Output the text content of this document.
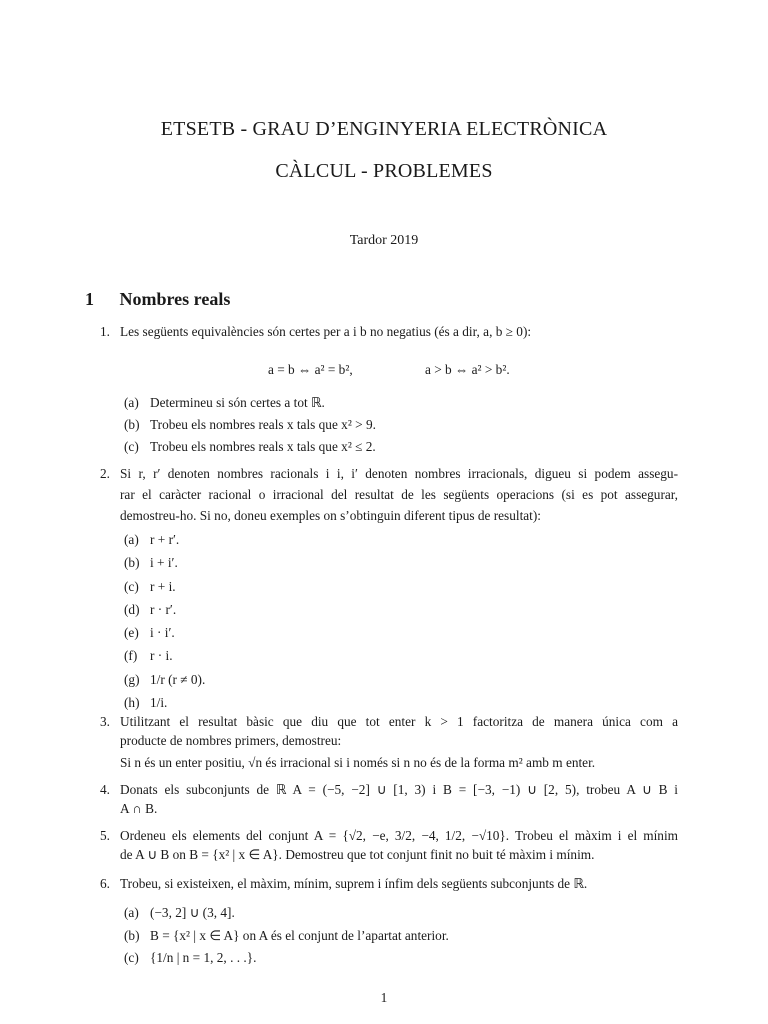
ETSETB - GRAU D’ENGINYERIA ELECTRÒNICA
CÀLCUL - PROBLEMES
Tardor 2019
1 Nombres reals
1. Les següents equivalències són certes per a i b no negatius (és a dir, a, b ≥ 0):
a = b ⇔ a² = b²,	a > b ⇔ a² > b².
(a) Determineu si són certes a tot ℝ.
(b) Trobeu els nombres reals x tals que x² > 9.
(c) Trobeu els nombres reals x tals que x² ≤ 2.
2. Si r, r′ denoten nombres racionals i i, i′ denoten nombres irracionals, digueu si podem assegu-
rar el caràcter racional o irracional del resultat de les següents operacions (si es pot assegurar,
demostreu-ho. Si no, doneu exemples on s’obtinguin diferent tipus de resultat):
(a) r + r′.
(b) i + i′.
(c) r + i.
(d) r · r′.
(e) i · i′.
(f) r · i.
(g) 1/r (r ≠ 0).
(h) 1/i.
3. Utilitzant el resultat bàsic que diu que tot enter k > 1 factoritza de manera única com a
producte de nombres primers, demostreu:
Si n és un enter positiu, √n és irracional si i només si n no és de la forma m² amb m enter.
4. Donats els subconjunts de ℝ A = (−5, −2] ∪ [1, 3) i B = [−3, −1) ∪ [2, 5), trobeu A ∪ B i
A ∩ B.
5. Ordeneu els elements del conjunt A = {√2, −e, 3/2, −4, 1/2, −√10}. Trobeu el màxim i el mínim
de A ∪ B on B = {x² | x ∈ A}. Demostreu que tot conjunt finit no buit té màxim i mínim.
6. Trobeu, si existeixen, el màxim, mínim, suprem i ínfim dels següents subconjunts de ℝ.
(a) (−3, 2] ∪ (3, 4].
(b) B = {x² | x ∈ A} on A és el conjunt de l’apartat anterior.
(c) {1/n | n = 1, 2, . . .}.
1
